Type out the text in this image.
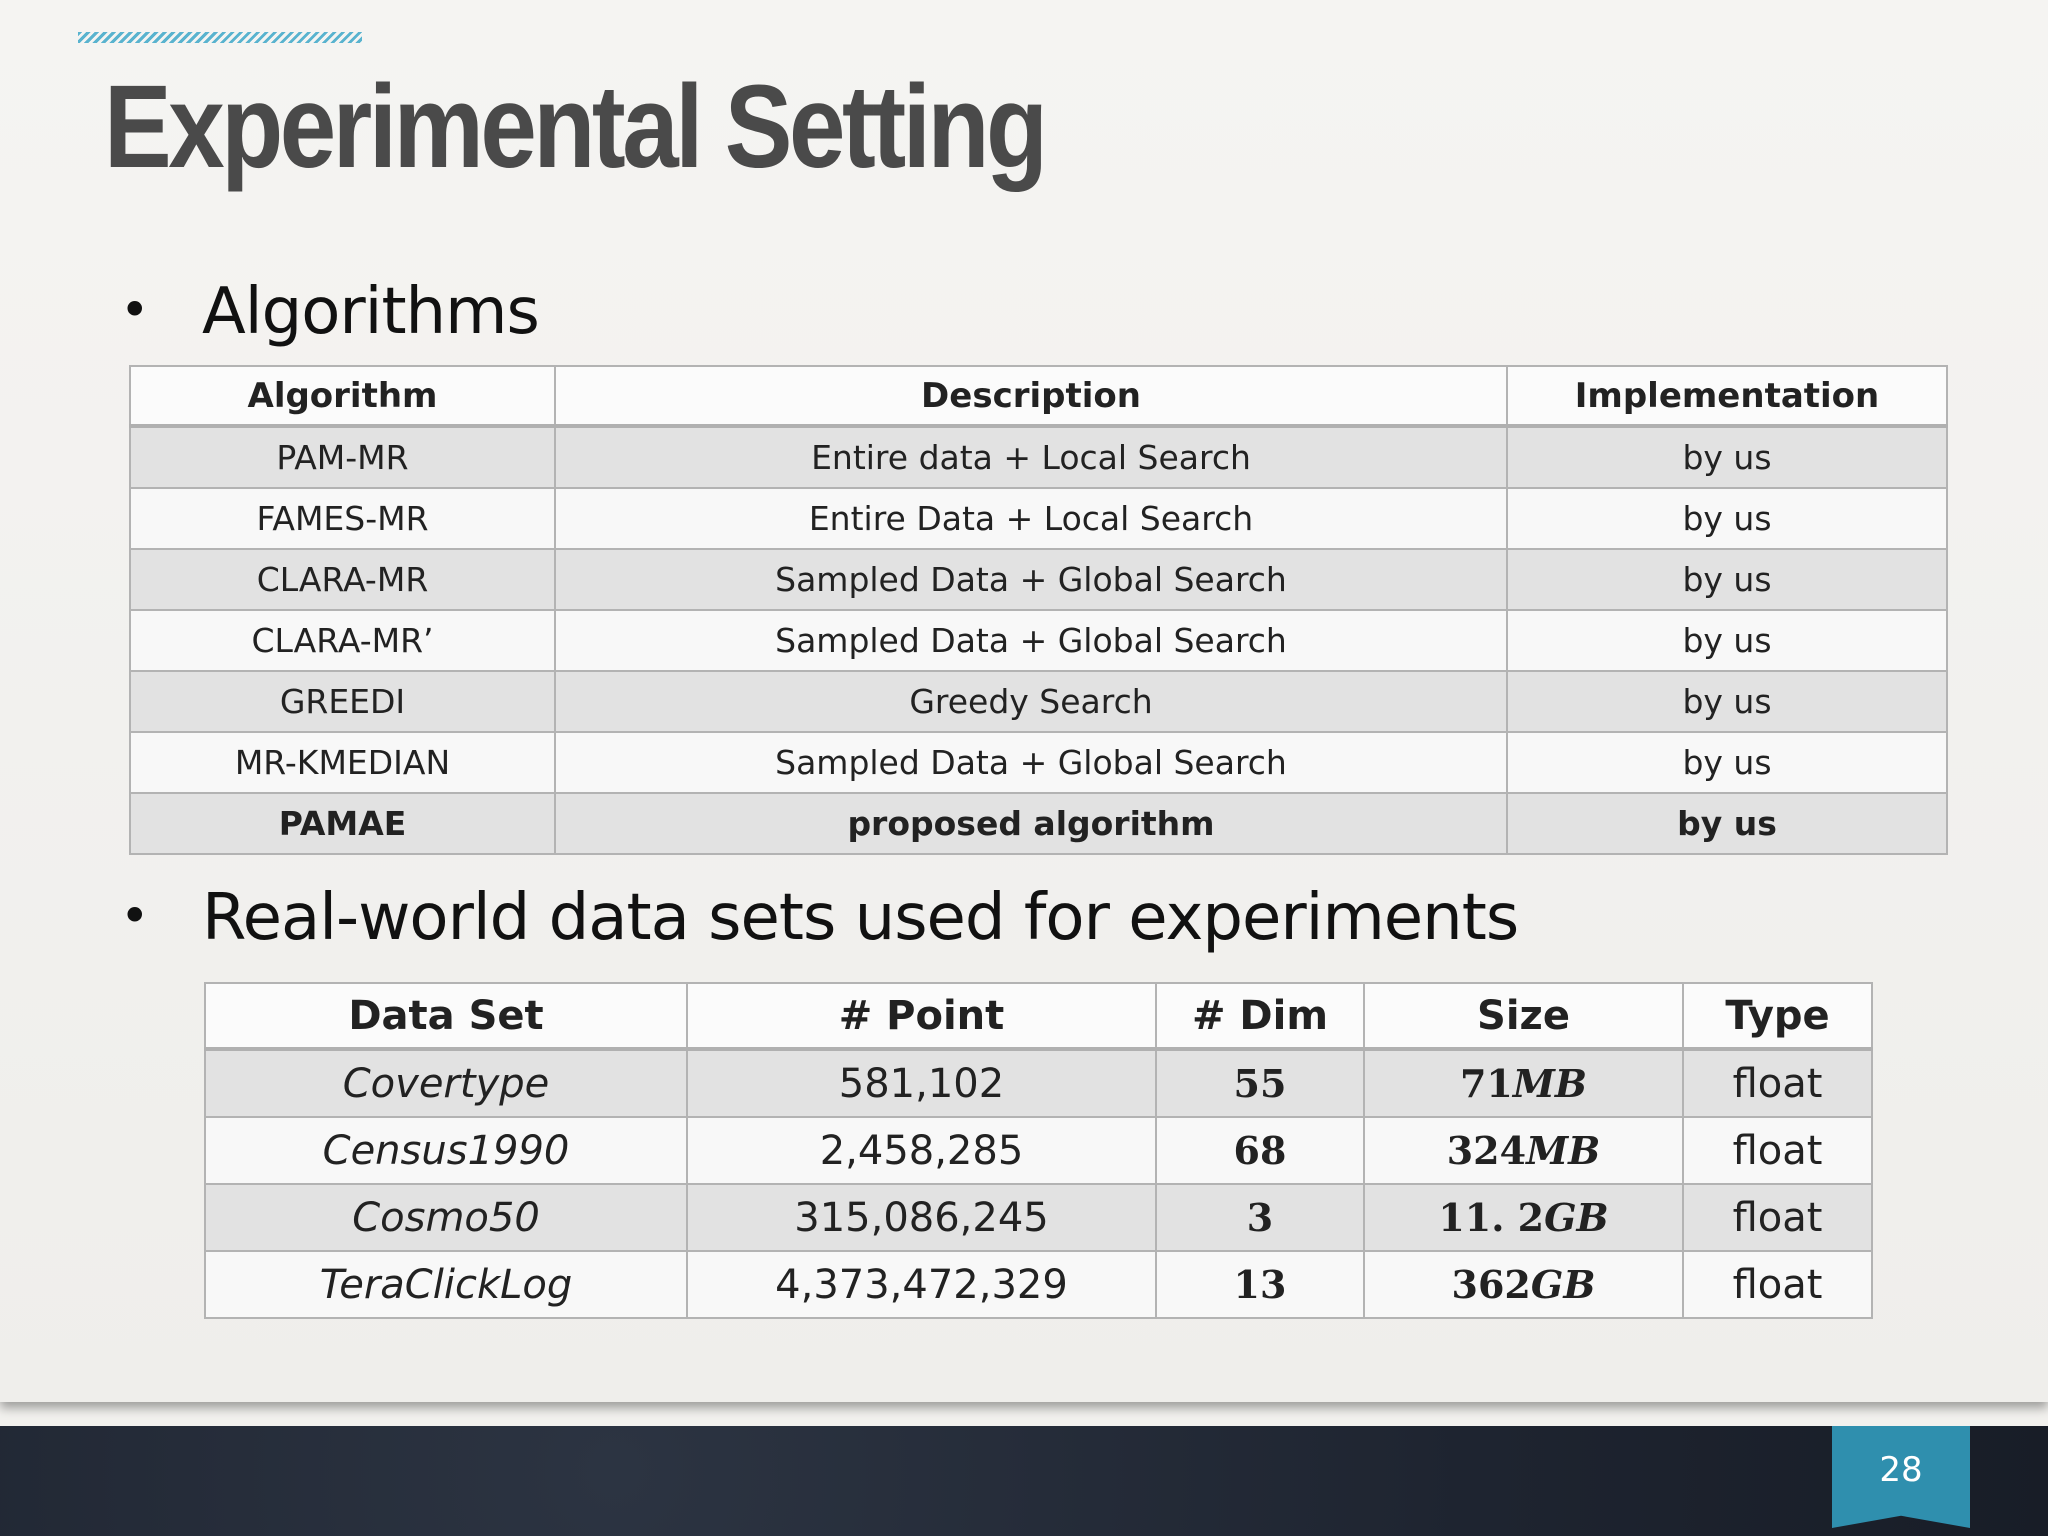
Experimental Setting

• Algorithms

Algorithm	Description	Implementation
PAM-MR	Entire data + Local Search	by us
FAMES-MR	Entire Data + Local Search	by us
CLARA-MR	Sampled Data + Global Search	by us
CLARA-MR’	Sampled Data + Global Search	by us
GREEDI	Greedy Search	by us
MR-KMEDIAN	Sampled Data + Global Search	by us
PAMAE	proposed algorithm	by us

• Real-world data sets used for experiments

Data Set	# Point	# Dim	Size	Type
Covertype	581,102	55	71MB	float
Census1990	2,458,285	68	324MB	float
Cosmo50	315,086,245	3	11. 2GB	float
TeraClickLog	4,373,472,329	13	362GB	float
28
